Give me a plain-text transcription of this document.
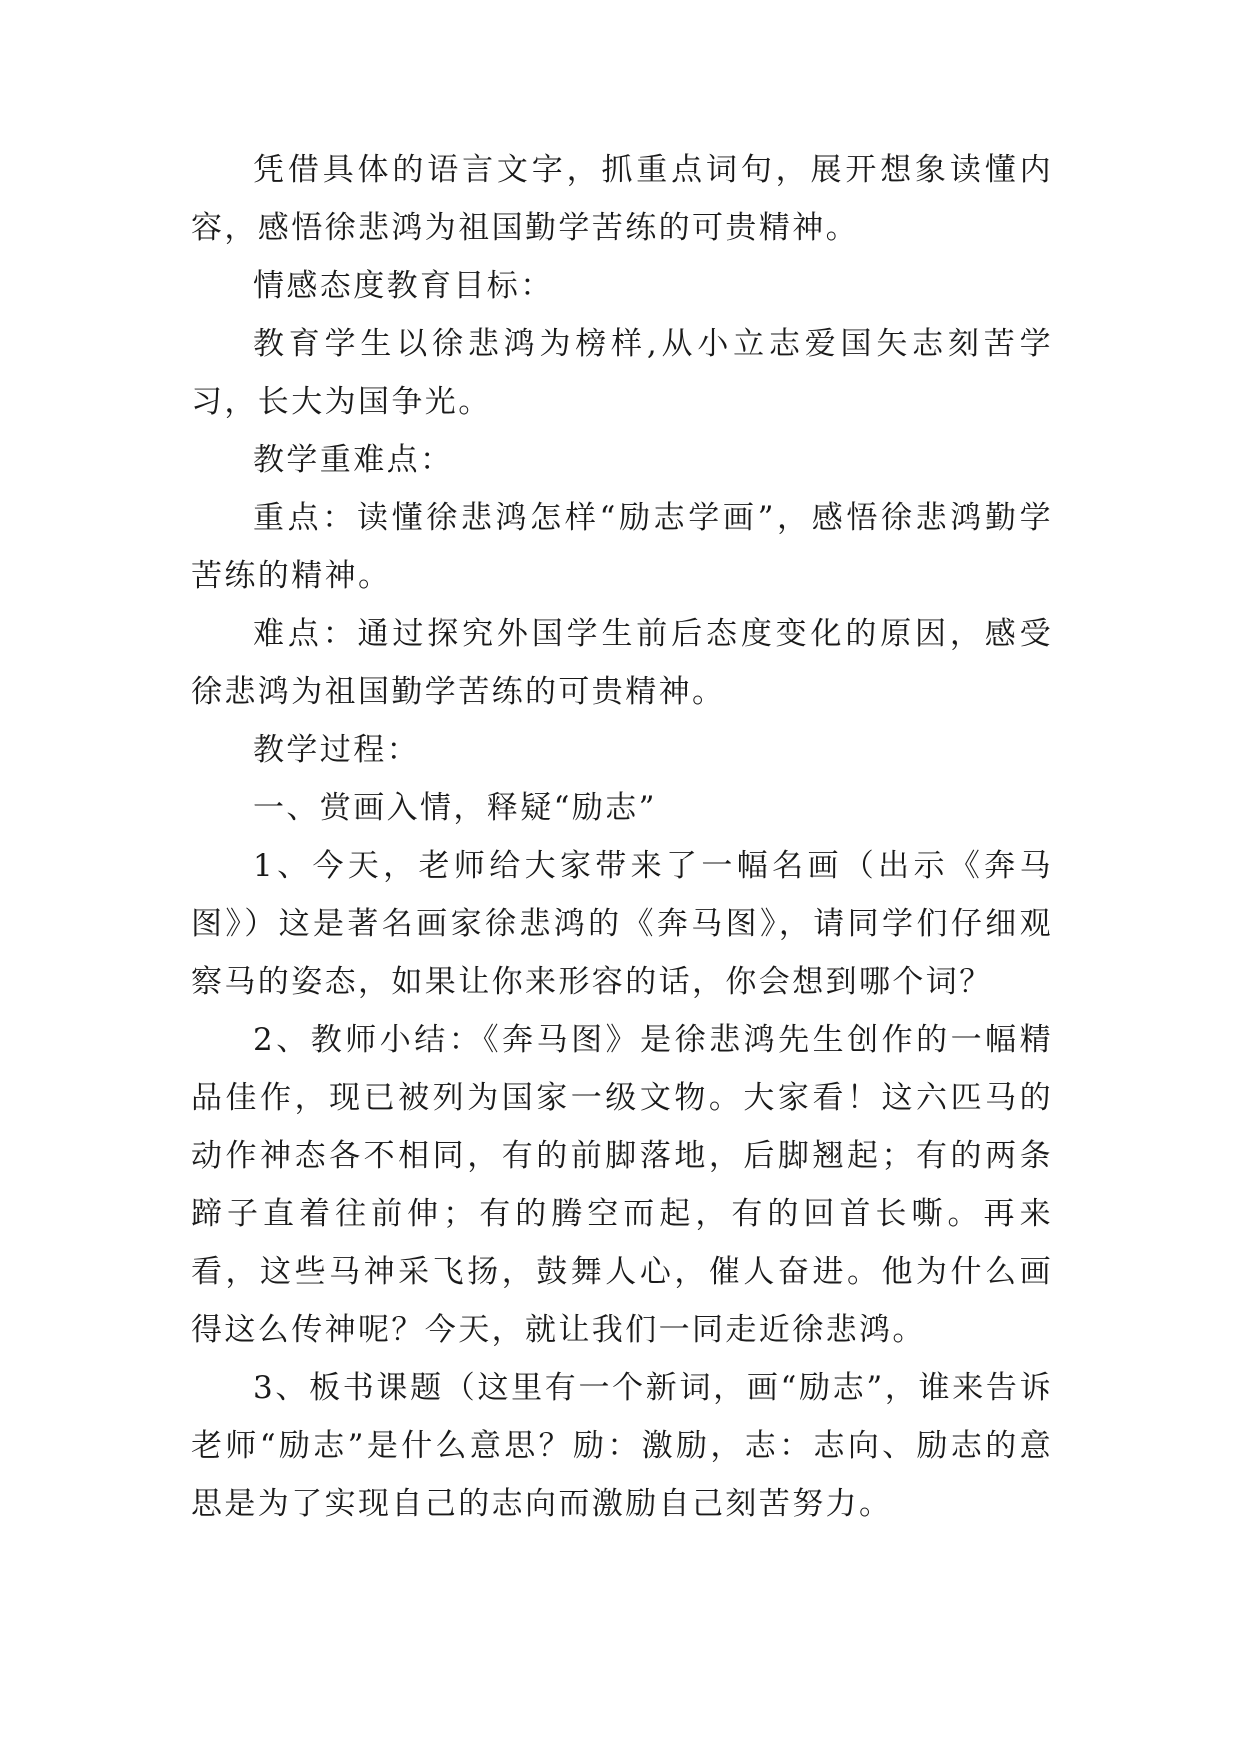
凭借具体的语言文字，抓重点词句，展开想象读懂内容，感悟徐悲鸿为祖国勤学苦练的可贵精神。

情感态度教育目标：

教育学生以徐悲鸿为榜样,从小立志爱国矢志刻苦学习，长大为国争光。

教学重难点：

重点：读懂徐悲鸿怎样“励志学画”，感悟徐悲鸿勤学苦练的精神。

难点：通过探究外国学生前后态度变化的原因，感受徐悲鸿为祖国勤学苦练的可贵精神。

教学过程：

一、赏画入情，释疑“励志”

1、今天，老师给大家带来了一幅名画（出示《奔马图》）这是著名画家徐悲鸿的《奔马图》，请同学们仔细观察马的姿态，如果让你来形容的话，你会想到哪个词？

2、教师小结：《奔马图》是徐悲鸿先生创作的一幅精品佳作，现已被列为国家一级文物。大家看！这六匹马的动作神态各不相同，有的前脚落地，后脚翘起；有的两条蹄子直着往前伸；有的腾空而起，有的回首长嘶。再来看，这些马神采飞扬，鼓舞人心，催人奋进。他为什么画得这么传神呢？今天，就让我们一同走近徐悲鸿。

3、板书课题（这里有一个新词，画“励志”，谁来告诉老师“励志”是什么意思？励：激励，志：志向、励志的意思是为了实现自己的志向而激励自己刻苦努力。
